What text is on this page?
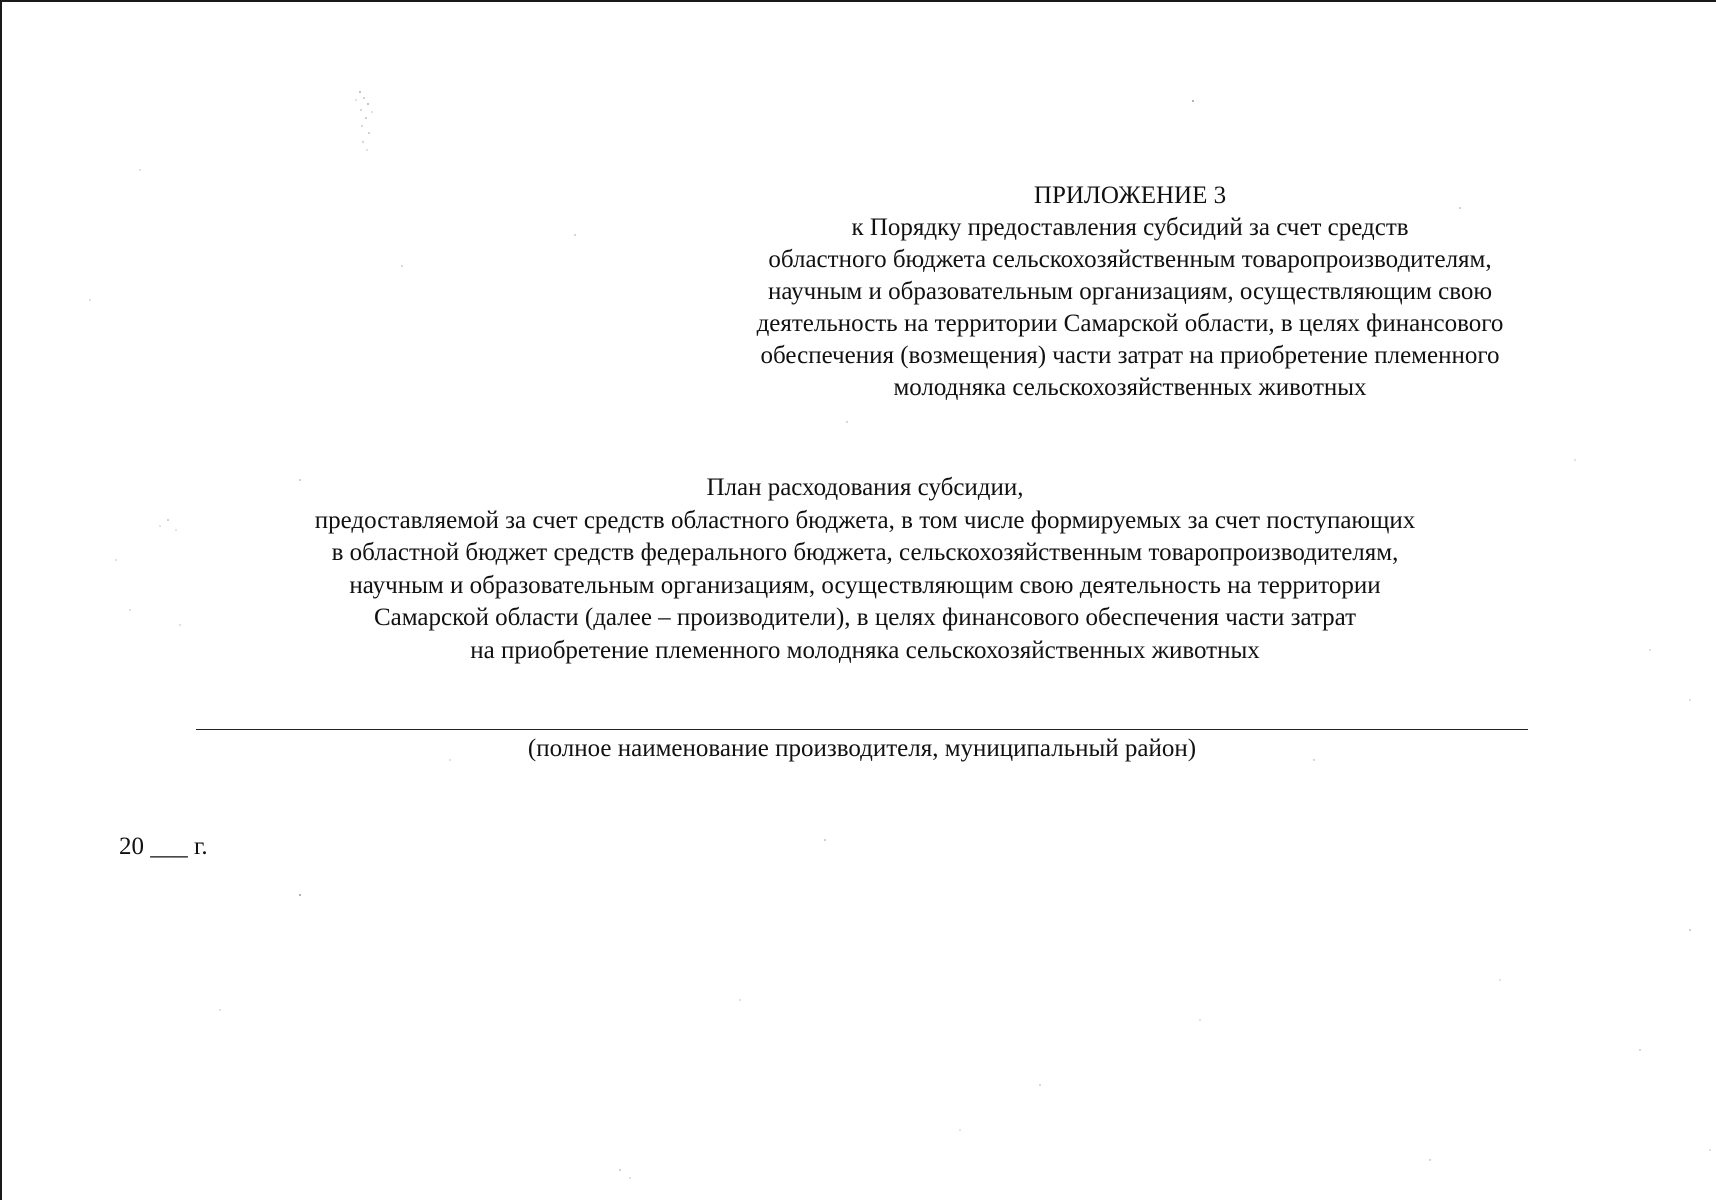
ПРИЛОЖЕНИЕ 3
к Порядку предоставления субсидий за счет средств
областного бюджета сельскохозяйственным товаропроизводителям,
научным и образовательным организациям, осуществляющим свою
деятельность на территории Самарской области, в целях финансового
обеспечения (возмещения) части затрат на приобретение племенного
молодняка сельскохозяйственных животных
План расходования субсидии,
предоставляемой за счет средств областного бюджета, в том числе формируемых за счет поступающих
в областной бюджет средств федерального бюджета, сельскохозяйственным товаропроизводителям,
научным и образовательным организациям, осуществляющим свою деятельность на территории
Самарской области (далее – производители), в целях финансового обеспечения части затрат
на приобретение племенного молодняка сельскохозяйственных животных
(полное наименование производителя, муниципальный район)
20 ___ г.
